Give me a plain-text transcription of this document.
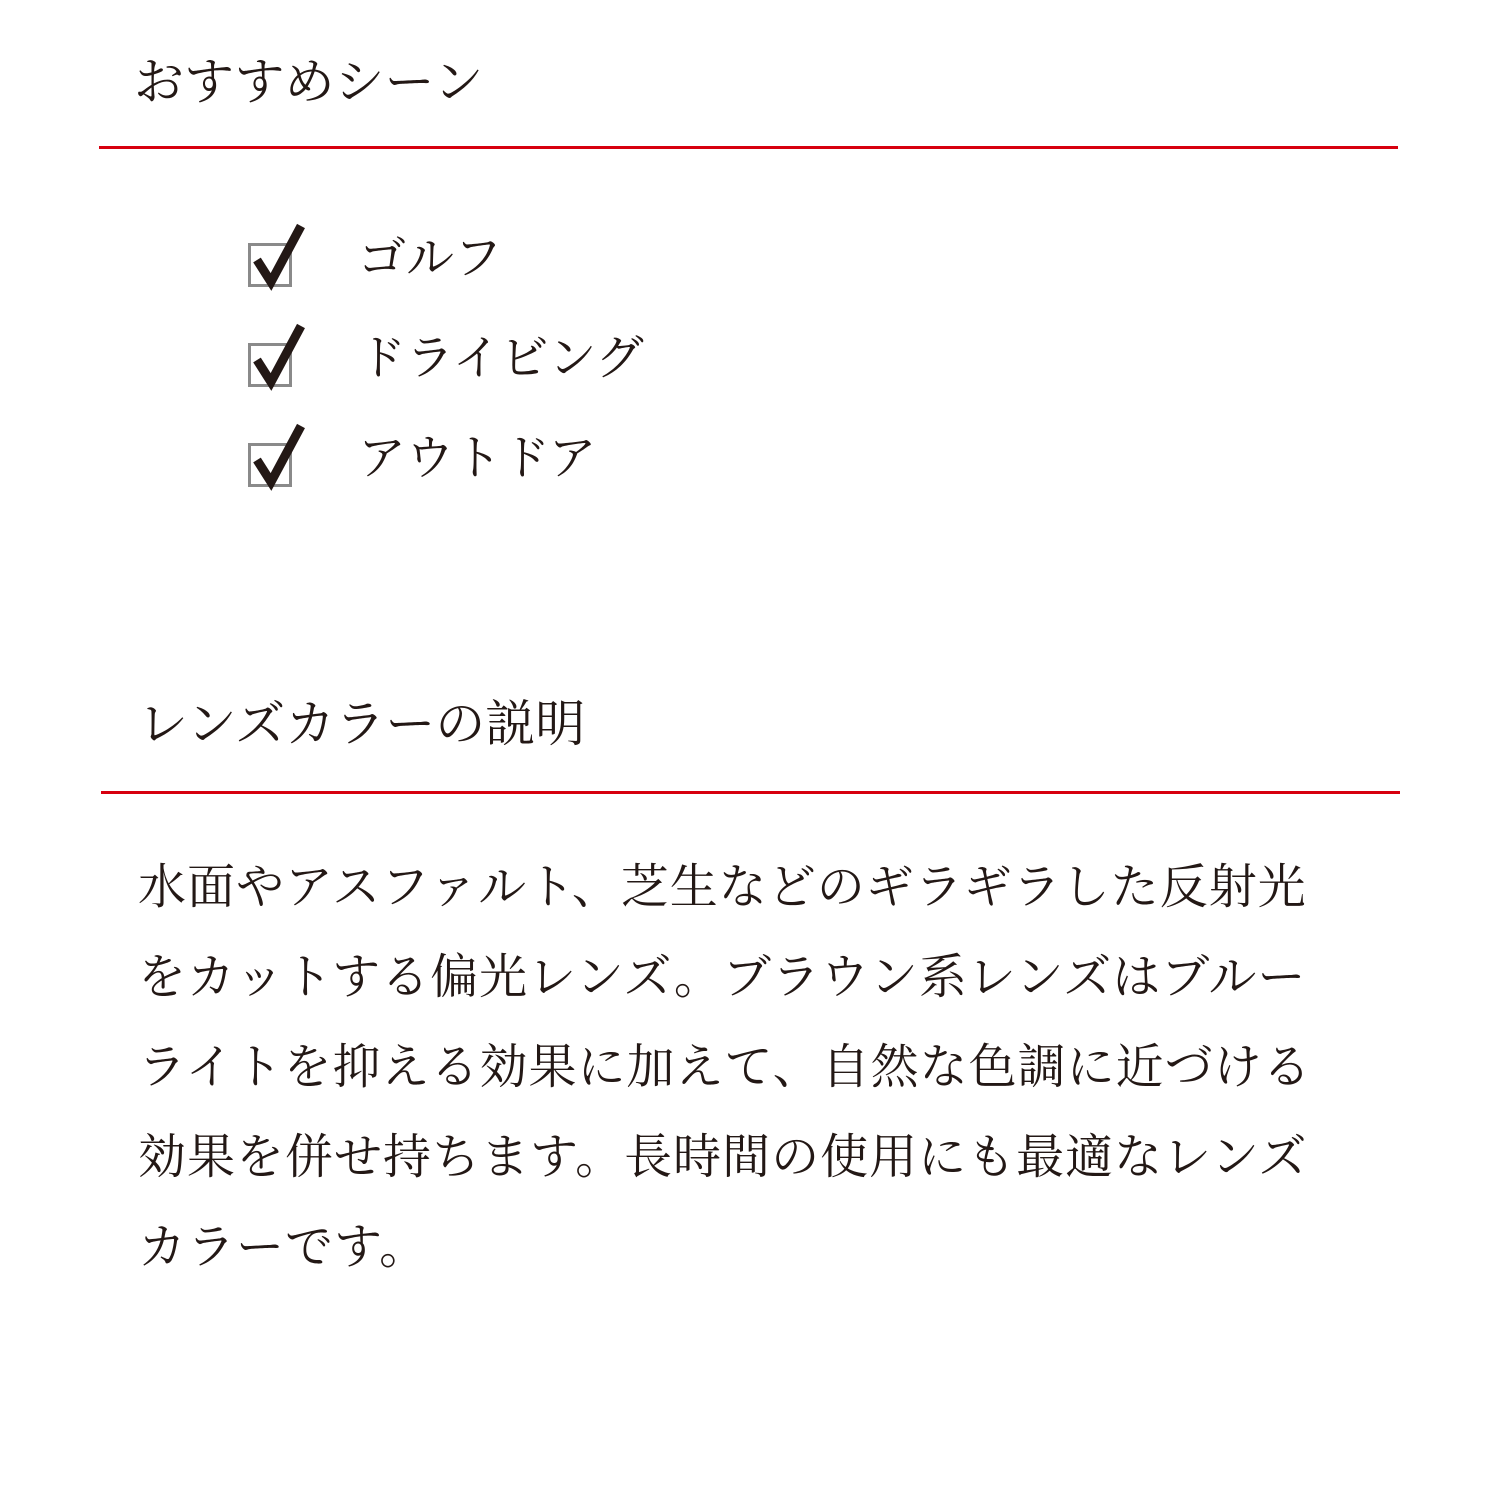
おすすめシーン
ゴルフ
ドライビング
アウトドア
レンズカラーの説明

水面やアスファルト、芝生などのギラギラした反射光
をカットする偏光レンズ。ブラウン系レンズはブルー
ライトを抑える効果に加えて、自然な色調に近づける
効果を併せ持ちます。長時間の使用にも最適なレンズ
カラーです。
